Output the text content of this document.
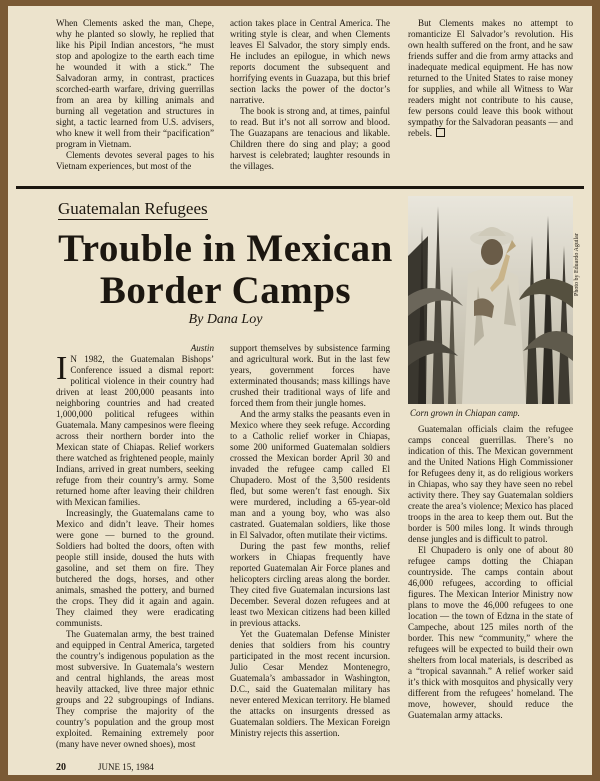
When Clements asked the man, Chepe, why he planted so slowly, he replied that like his Pipil Indian ancestors, “he must stop and apologize to the earth each time he wounded it with a stick.” The Salvadoran army, in contrast, practices scorched-earth warfare, driving guerrillas from an area by killing animals and burning all vegetation and structures in sight, a tactic learned from U.S. advisers, who knew it well from their “pacification” program in Vietnam.

Clements devotes several pages to his Vietnam experiences, but most of the

action takes place in Central America. The writing style is clear, and when Clements leaves El Salvador, the story simply ends. He includes an epilogue, in which news reports document the subsequent and horrifying events in Guazapa, but this brief section lacks the power of the doctor’s narrative.

The book is strong and, at times, painful to read. But it’s not all sorrow and blood. The Guazapans are tenacious and likable. Children there do sing and play; a good harvest is celebrated; laughter resounds in the villages.

But Clements makes no attempt to romanticize El Salvador’s revolution. His own health suffered on the front, and he saw friends suffer and die from army attacks and inadequate medical equipment. He has now returned to the United States to raise money for supplies, and while all Witness to War readers might not contribute to his cause, few persons could leave this book without sympathy for the Salvadoran peasants — and rebels.

Guatemalan Refugees
Trouble in Mexican
Border Camps
By Dana Loy
Photo by Eduardo Aguilar
Corn grown in Chiapan camp.

Austin

I N 1982, the Guatemalan Bishops’ Conference issued a dismal report: political violence in their country had driven at least 200,000 peasants into neighboring countries and had created 1,000,000 political refugees within Guatemala. Many campesinos were fleeing across their northern border into the Mexican state of Chiapas. Relief workers there watched as frightened people, mainly Indians, arrived in great numbers, seeking refuge from their country’s army. Some returned home after leaving their children with Mexican families.

Increasingly, the Guatemalans came to Mexico and didn’t leave. Their homes were gone — burned to the ground. Soldiers had bolted the doors, often with people still inside, doused the huts with gasoline, and set them on fire. They butchered the dogs, horses, and other animals, smashed the pottery, and burned the crops. They did it again and again. They claimed they were eradicating communists.

The Guatemalan army, the best trained and equipped in Central America, targeted the country’s indigenous population as the most subversive. In Guatemala’s western and central highlands, the areas most heavily attacked, live three major ethnic groups and 22 subgroupings of Indians. They comprise the majority of the country’s population and the group most exploited. Remaining extremely poor (many have never owned shoes), most

support themselves by subsistence farming and agricultural work. But in the last few years, government forces have exterminated thousands; mass killings have crushed their traditional ways of life and forced them from their jungle homes.

And the army stalks the peasants even in Mexico where they seek refuge. According to a Catholic relief worker in Chiapas, some 200 uniformed Guatemalan soldiers crossed the Mexican border April 30 and invaded the refugee camp called El Chupadero. Most of the 3,500 residents fled, but some weren’t fast enough. Six were murdered, including a 65-year-old man and a young boy, who was also castrated. Guatemalan soldiers, like those in El Salvador, often mutilate their victims.

During the past few months, relief workers in Chiapas frequently have reported Guatemalan Air Force planes and helicopters circling areas along the border. They cited five Guatemalan incursions last December. Several dozen refugees and at least two Mexican citizens had been killed in previous attacks.

Yet the Guatemalan Defense Minister denies that soldiers from his country participated in the most recent incursion. Julio Cesar Mendez Montenegro, Guatemala’s ambassador in Washington, D.C., said the Guatemalan military has never entered Mexican territory. He blamed the attacks on insurgents dressed as Guatemalan soldiers. The Mexican Foreign Ministry rejects this assertion.

Guatemalan officials claim the refugee camps conceal guerrillas. There’s no indication of this. The Mexican government and the United Nations High Commissioner for Refugees deny it, as do religious workers in Chiapas, who say they have seen no rebel activity there. They say Guatemalan soldiers create the area’s violence; Mexico has placed troops in the area to keep them out. But the border is 500 miles long. It winds through dense jungles and is difficult to patrol.

El Chupadero is only one of about 80 refugee camps dotting the Chiapan countryside. The camps contain about 46,000 refugees, according to official figures. The Mexican Interior Ministry now plans to move the 46,000 refugees to one location — the town of Edzna in the state of Campeche, about 125 miles north of the border. This new “community,” where the refugees will be expected to build their own shelters from local materials, is described as a “tropical savannah.” A relief worker said it’s thick with mosquitos and physically very different from the refugees’ homeland. The move, however, should reduce the Guatemalan army attacks.

20	JUNE 15, 1984
